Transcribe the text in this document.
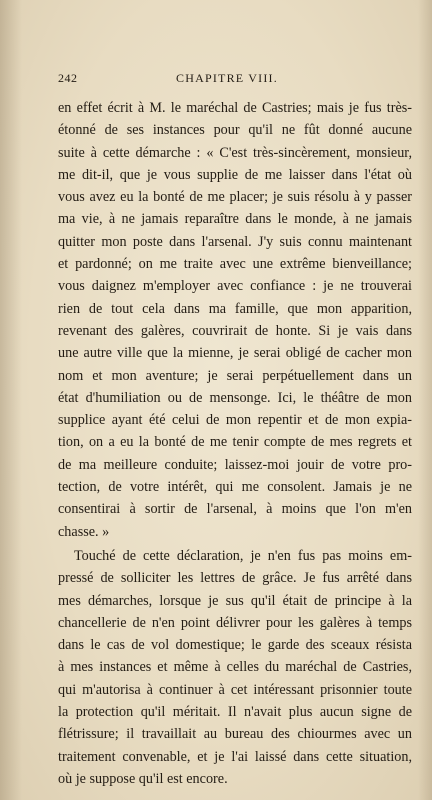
242	CHAPITRE VIII.
en effet écrit à M. le maréchal de Castries; mais je fus très-
étonné de ses instances pour qu'il ne fût donné aucune
suite à cette démarche : « C'est très-sincèrement, monsieur,
me dit-il, que je vous supplie de me laisser dans l'état où
vous avez eu la bonté de me placer; je suis résolu à y passer
ma vie, à ne jamais reparaître dans le monde, à ne jamais
quitter mon poste dans l'arsenal. J'y suis connu maintenant
et pardonné; on me traite avec une extrême bienveillance;
vous daignez m'employer avec confiance : je ne trouverai
rien de tout cela dans ma famille, que mon apparition,
revenant des galères, couvrirait de honte. Si je vais dans
une autre ville que la mienne, je serai obligé de cacher mon
nom et mon aventure; je serai perpétuellement dans un
état d'humiliation ou de mensonge. Ici, le théâtre de mon
supplice ayant été celui de mon repentir et de mon expia-
tion, on a eu la bonté de me tenir compte de mes regrets et
de ma meilleure conduite; laissez-moi jouir de votre pro-
tection, de votre intérêt, qui me consolent. Jamais je ne
consentirai à sortir de l'arsenal, à moins que l'on m'en
chasse. »
Touché de cette déclaration, je n'en fus pas moins em-
pressé de solliciter les lettres de grâce. Je fus arrêté dans
mes démarches, lorsque je sus qu'il était de principe à la
chancellerie de n'en point délivrer pour les galères à temps
dans le cas de vol domestique; le garde des sceaux résista
à mes instances et même à celles du maréchal de Castries,
qui m'autorisa à continuer à cet intéressant prisonnier toute
la protection qu'il méritait. Il n'avait plus aucun signe de
flétrissure; il travaillait au bureau des chiourmes avec un
traitement convenable, et je l'ai laissé dans cette situation,
où je suppose qu'il est encore.
